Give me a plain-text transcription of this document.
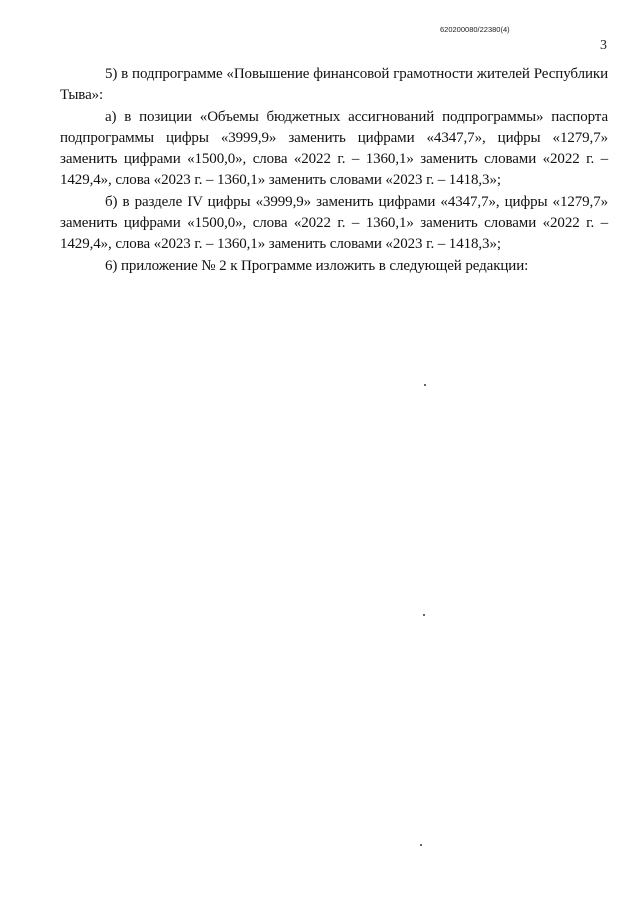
620200080/22380(4)
3

5) в подпрограмме «Повышение финансовой грамотности жителей Республики Тыва»:

а) в позиции «Объемы бюджетных ассигнований подпрограммы» паспорта подпрограммы цифры «3999,9» заменить цифрами «4347,7», цифры «1279,7» заменить цифрами «1500,0», слова «2022 г. – 1360,1» заменить словами «2022 г. – 1429,4», слова «2023 г. – 1360,1» заменить словами «2023 г. – 1418,3»;

б) в разделе IV цифры «3999,9» заменить цифрами «4347,7», цифры «1279,7» заменить цифрами «1500,0», слова «2022 г. – 1360,1» заменить словами «2022 г. – 1429,4», слова «2023 г. – 1360,1» заменить словами «2023 г. – 1418,3»;

6) приложение № 2 к Программе изложить в следующей редакции:
